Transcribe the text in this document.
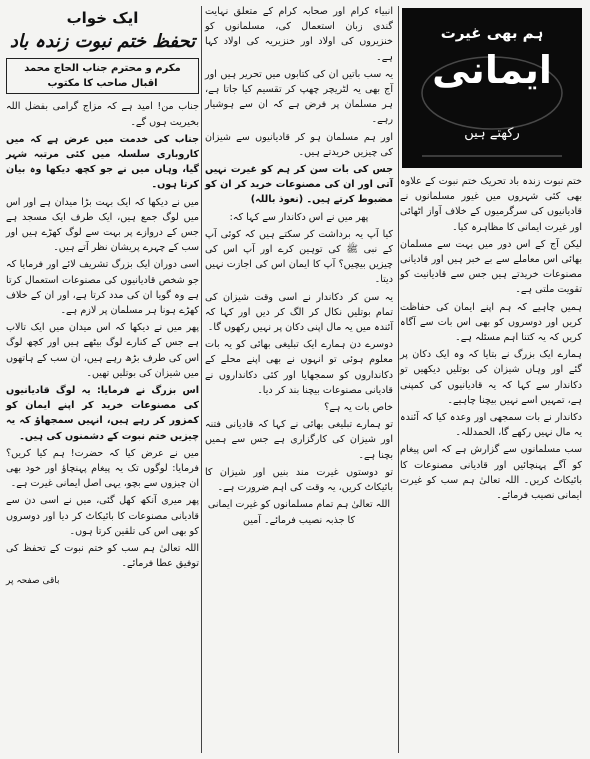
ہم بھی غیرت
ایمانی
رکھتے ہیں

ختم نبوت زندہ باد تحریک ختم نبوت کے علاوہ بھی کئی شہروں میں غیور مسلمانوں نے قادیانیوں کی سرگرمیوں کے خلاف آواز اٹھائی اور غیرت ایمانی کا مظاہرہ کیا۔

لیکن آج کے اس دور میں بہت سے مسلمان بھائی اس معاملے سے بے خبر ہیں اور قادیانی مصنوعات خریدتے ہیں جس سے قادیانیت کو تقویت ملتی ہے۔

ہمیں چاہیے کہ ہم اپنے ایمان کی حفاظت کریں اور دوسروں کو بھی اس بات سے آگاہ کریں کہ یہ کتنا اہم مسئلہ ہے۔

ہمارے ایک بزرگ نے بتایا کہ وہ ایک دکان پر گئے اور وہاں شیزان کی بوتلیں دیکھیں تو دکاندار سے کہا کہ یہ قادیانیوں کی کمپنی ہے، تمہیں اسے نہیں بیچنا چاہیے۔

دکاندار نے بات سمجھی اور وعدہ کیا کہ آئندہ یہ مال نہیں رکھے گا، الحمدللہ۔

سب مسلمانوں سے گزارش ہے کہ اس پیغام کو آگے پہنچائیں اور قادیانی مصنوعات کا بائیکاٹ کریں۔ اللہ تعالیٰ ہم سب کو غیرت ایمانی نصیب فرمائے۔

انبیاء کرام اور صحابہ کرام کے متعلق نہایت گندی زبان استعمال کی، مسلمانوں کو خنزیروں کی اولاد اور خنزیریہ کی اولاد کہا ہے۔

یہ سب باتیں ان کی کتابوں میں تحریر ہیں اور آج بھی یہ لٹریچر چھپ کر تقسیم کیا جاتا ہے، ہر مسلمان پر فرض ہے کہ ان سے ہوشیار رہے۔

اور ہم مسلمان ہو کر قادیانیوں سے شیزان کی چیزیں خریدتے ہیں۔

جس کی بات سن کر ہم کو غیرت نہیں آتی اور ان کی مصنوعات خرید کر ان کو مضبوط کرتے ہیں۔ (نعوذ باللہ)

پھر میں نے اس دکاندار سے کہا کہ:

کیا آپ یہ برداشت کر سکتے ہیں کہ کوئی آپ کے نبی ﷺ کی توہین کرے اور آپ اس کی چیزیں بیچیں؟ آپ کا ایمان اس کی اجازت نہیں دیتا۔

یہ سن کر دکاندار نے اسی وقت شیزان کی تمام بوتلیں نکال کر الگ کر دیں اور کہا کہ آئندہ میں یہ مال اپنی دکان پر نہیں رکھوں گا۔

دوسرے دن ہمارے ایک تبلیغی بھائی کو یہ بات معلوم ہوئی تو انہوں نے بھی اپنے محلے کے دکانداروں کو سمجھایا اور کئی دکانداروں نے قادیانی مصنوعات بیچنا بند کر دیا۔

خاص بات یہ ہے؟

تو ہمارے تبلیغی بھائی نے کہا کہ قادیانی فتنہ اور شیزان کی کارگزاری ہے جس سے ہمیں بچنا ہے۔

تو دوستوں غیرت مند بنیں اور شیزان کا بائیکاٹ کریں، یہ وقت کی اہم ضرورت ہے۔

اللہ تعالیٰ ہم تمام مسلمانوں کو غیرت ایمانی کا جذبہ نصیب فرمائے۔ آمین

ایک خواب
تحفظ ختم نبوت زندہ باد
مکرم و محترم جناب الحاج محمد اقبال صاحب کا مکتوب

جناب من! امید ہے کہ مزاج گرامی بفضل اللہ بخیریت ہوں گے۔

جناب کی خدمت میں عرض ہے کہ میں کاروباری سلسلہ میں کئی مرتبہ شہر گیا، وہاں میں نے جو کچھ دیکھا وہ بیان کرتا ہوں۔

میں نے دیکھا کہ ایک بہت بڑا میدان ہے اور اس میں لوگ جمع ہیں، ایک طرف ایک مسجد ہے جس کے دروازے پر بہت سے لوگ کھڑے ہیں اور سب کے چہرے پریشان نظر آتے ہیں۔

اسی دوران ایک بزرگ تشریف لائے اور فرمایا کہ جو شخص قادیانیوں کی مصنوعات استعمال کرتا ہے وہ گویا ان کی مدد کرتا ہے، اور ان کے خلاف کھڑے ہونا ہر مسلمان پر لازم ہے۔

پھر میں نے دیکھا کہ اس میدان میں ایک تالاب ہے جس کے کنارے لوگ بیٹھے ہیں اور کچھ لوگ اس کی طرف بڑھ رہے ہیں، ان سب کے ہاتھوں میں شیزان کی بوتلیں تھیں۔

اس بزرگ نے فرمایا: یہ لوگ قادیانیوں کی مصنوعات خرید کر اپنے ایمان کو کمزور کر رہے ہیں، انہیں سمجھاؤ کہ یہ چیزیں ختم نبوت کے دشمنوں کی ہیں۔

میں نے عرض کیا کہ حضرت! ہم کیا کریں؟ فرمایا: لوگوں تک یہ پیغام پہنچاؤ اور خود بھی ان چیزوں سے بچو، یہی اصل ایمانی غیرت ہے۔

پھر میری آنکھ کھل گئی، میں نے اسی دن سے قادیانی مصنوعات کا بائیکاٹ کر دیا اور دوسروں کو بھی اس کی تلقین کرتا ہوں۔

اللہ تعالیٰ ہم سب کو ختم نبوت کے تحفظ کی توفیق عطا فرمائے۔

باقی صفحہ پر
